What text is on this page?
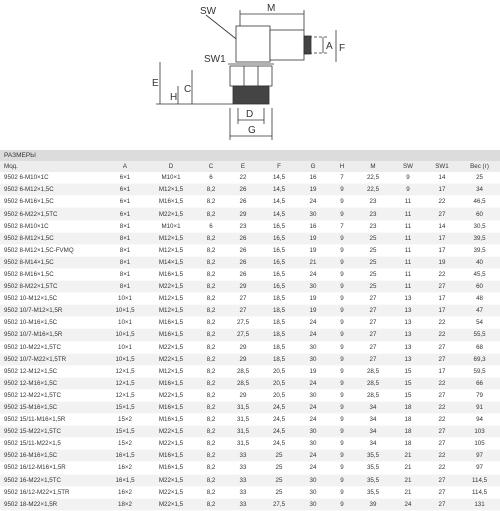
SW	M
SW1
A F
E
H
C
D
G
РАЗМЕРЫ											
Мод.	A	D	C	E	F	G	H	M	SW	SW1	Вес (г)
9502 6-M10×1C	6×1	M10×1	6	22	14,5	16	7	22,5	9	14	25
9502 6-M12×1,5C	6×1	M12×1,5	8,2	26	14,5	19	9	22,5	9	17	34
9502 6-M16×1,5C	6×1	M16×1,5	8,2	26	14,5	24	9	23	11	22	46,5
9502 6-M22×1,5TC	6×1	M22×1,5	8,2	29	14,5	30	9	23	11	27	60
9502 8-M10×1C	8×1	M10×1	6	23	16,5	16	7	23	11	14	30,5
9502 8-M12×1,5C	8×1	M12×1,5	8,2	26	16,5	19	9	25	11	17	39,5
9502 8-M12×1,5C-FVMQ	8×1	M12×1,5	8,2	26	16,5	19	9	25	11	17	39,5
9502 8-M14×1,5C	8×1	M14×1,5	8,2	26	16,5	21	9	25	11	19	40
9502 8-M16×1,5C	8×1	M16×1,5	8,2	26	16,5	24	9	25	11	22	45,5
9502 8-M22×1,5TC	8×1	M22×1,5	8,2	29	16,5	30	9	25	11	27	60
9502 10-M12×1,5C	10×1	M12×1,5	8,2	27	18,5	19	9	27	13	17	48
9502 10/7-M12×1,5R	10×1,5	M12×1,5	8,2	27	18,5	19	9	27	13	17	47
9502 10-M16×1,5C	10×1	M16×1,5	8,2	27,5	18,5	24	9	27	13	22	54
9502 10/7-M16×1,5R	10×1,5	M16×1,5	8,2	27,5	18,5	24	9	27	13	22	55,5
9502 10-M22×1,5TC	10×1	M22×1,5	8,2	29	18,5	30	9	27	13	27	68
9502 10/7-M22×1,5TR	10×1,5	M22×1,5	8,2	29	18,5	30	9	27	13	27	69,3
9502 12-M12×1,5C	12×1,5	M12×1,5	8,2	28,5	20,5	19	9	28,5	15	17	59,5
9502 12-M16×1,5C	12×1,5	M16×1,5	8,2	28,5	20,5	24	9	28,5	15	22	66
9502 12-M22×1,5TC	12×1,5	M22×1,5	8,2	29	20,5	30	9	28,5	15	27	79
9502 15-M16×1,5C	15×1,5	M16×1,5	8,2	31,5	24,5	24	9	34	18	22	91
9502 15/11-M16×1,5R	15×2	M16×1,5	8,2	31,5	24,5	24	9	34	18	22	94
9502 15-M22×1,5TC	15×1,5	M22×1,5	8,2	31,5	24,5	30	9	34	18	27	103
9502 15/11-M22×1,5	15×2	M22×1,5	8,2	31,5	24,5	30	9	34	18	27	105
9502 16-M16×1,5C	16×1,5	M16×1,5	8,2	33	25	24	9	35,5	21	22	97
9502 16/12-M16×1,5R	16×2	M16×1,5	8,2	33	25	24	9	35,5	21	22	97
9502 16-M22×1,5TC	16×1,5	M22×1,5	8,2	33	25	30	9	35,5	21	27	114,5
9502 16/12-M22×1,5TR	16×2	M22×1,5	8,2	33	25	30	9	35,5	21	27	114,5
9502 18-M22×1,5R	18×2	M22×1,5	8,2	33	27,5	30	9	39	24	27	131
